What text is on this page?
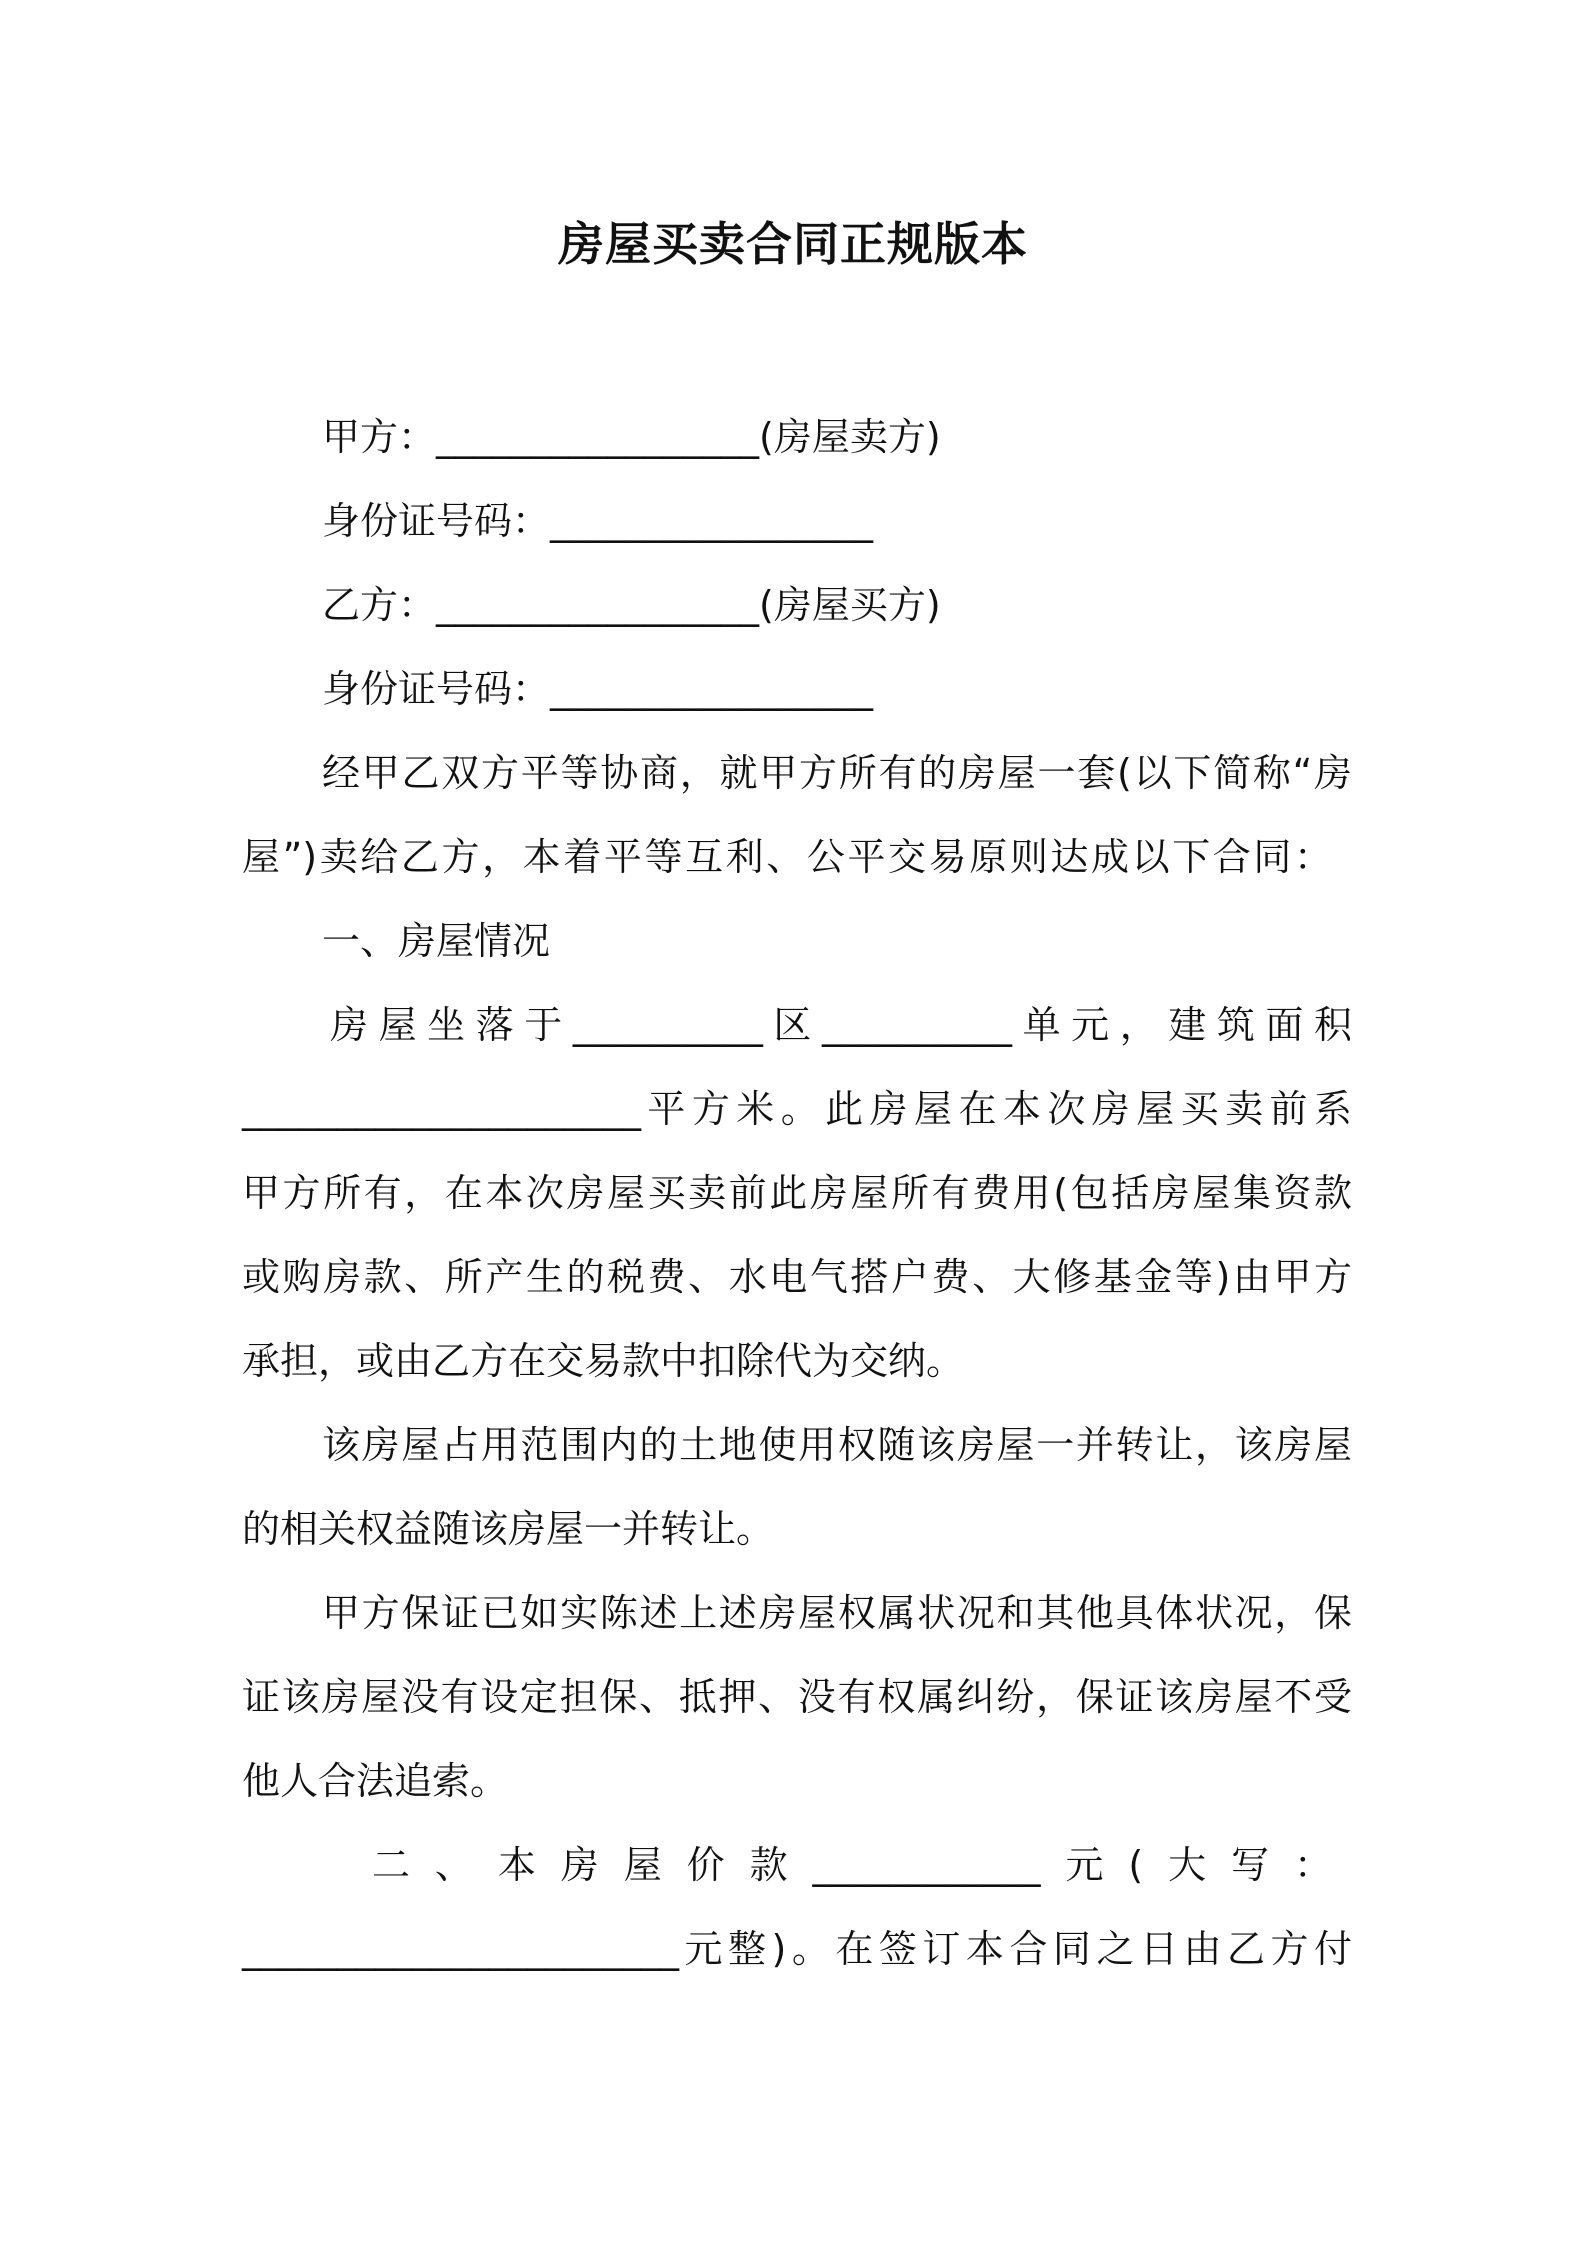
房屋买卖合同正规版本
甲方：_________________(房屋卖方)
身份证号码：_________________
乙方：_________________(房屋买方)
身份证号码：_________________
经甲乙双方平等协商，就甲方所有的房屋一套(以下简称“房
屋”)卖给乙方，本着平等互利、公平交易原则达成以下合同：
一、房屋情况
房屋坐落于__________区__________单元，建筑面积
_____________________平方米。此房屋在本次房屋买卖前系
甲方所有，在本次房屋买卖前此房屋所有费用(包括房屋集资款
或购房款、所产生的税费、水电气搭户费、大修基金等)由甲方
承担，或由乙方在交易款中扣除代为交纳。
该房屋占用范围内的土地使用权随该房屋一并转让，该房屋
的相关权益随该房屋一并转让。
甲方保证已如实陈述上述房屋权属状况和其他具体状况，保
证该房屋没有设定担保、抵押、没有权属纠纷，保证该房屋不受
他人合法追索。
二、本房屋价款____________元(大写：
_______________________元整)。在签订本合同之日由乙方付
